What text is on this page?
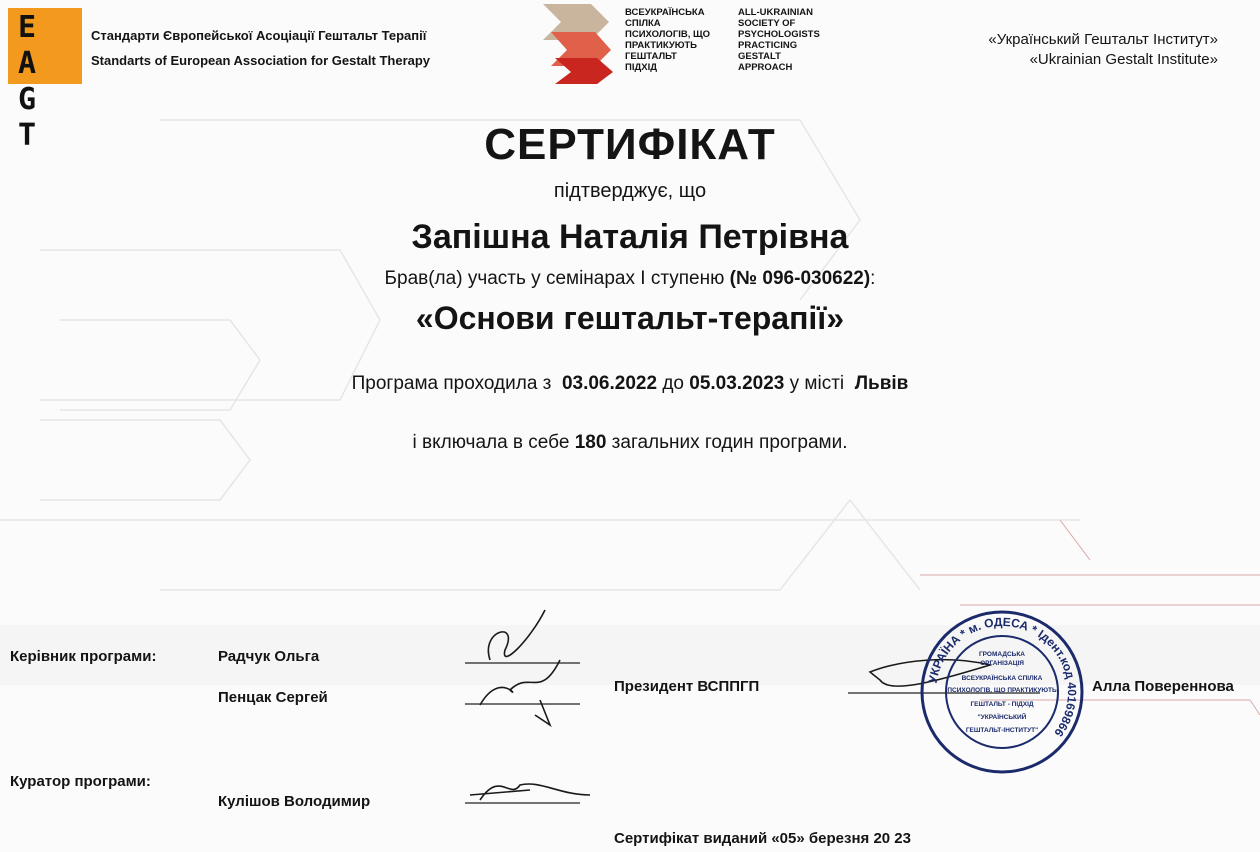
EAGT
Стандарти Європейської Асоціації Гештальт Терапії
Standarts of European Association for Gestalt Therapy
ВСЕУКРАЇНСЬКА
СПІЛКА
ПСИХОЛОГІВ, ЩО
ПРАКТИКУЮТЬ
ГЕШТАЛЬТ
ПІДХІД
ALL-UKRAINIAN
SOCIETY OF
PSYCHOLOGISTS
PRACTICING
GESTALT
APPROACH
«Український Гештальт Інститут»
«Ukrainian Gestalt Institute»
СЕРТИФІКАТ
підтверджує, що
Запішна Наталія Петрівна
Брав(ла) участь у семінарах І ступеню (№ 096-030622):
«Основи гештальт-терапії»
Програма проходила з 03.06.2022 до 05.03.2023 у місті Львів
і включала в себе 180 загальних годин програми.
Керівник програми:	Радчук Ольга
Пенцак Сергей
Президент ВСППГП	Алла Повереннова
Куратор програми:
Кулішов Володимир
Сертифікат виданий «05» березня 20 23
УКРАЇНА * м. ОДЕСА * Ідент.код 40169866
ГРОМАДСЬКА
ОРГАНІЗАЦІЯ
ВСЕУКРАЇНСЬКА СПІЛКА
ПСИХОЛОГІВ, ЩО ПРАКТИКУЮТЬ
ГЕШТАЛЬТ - ПІДХІД
"УКРАЇНСЬКИЙ
ГЕШТАЛЬТ-ІНСТИТУТ"
